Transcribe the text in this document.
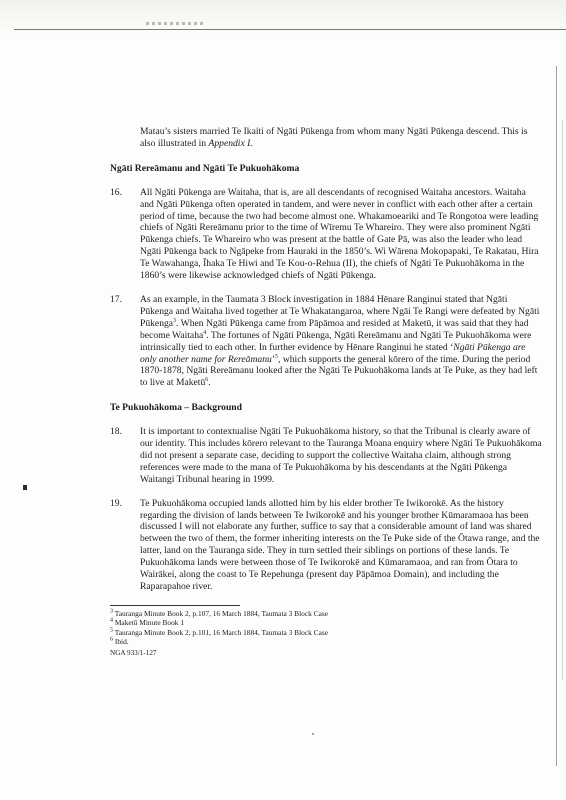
Matau’s sisters married Te Ikaiti of Ngāti Pūkenga from whom many Ngāti Pūkenga descend. This is also illustrated in Appendix I.

Ngāti Rereāmanu and Ngāti Te Pukuohākoma
16. All Ngāti Pūkenga are Waitaha, that is, are all descendants of recognised Waitaha ancestors. Waitaha and Ngāti Pūkenga often operated in tandem, and were never in conflict with each other after a certain period of time, because the two had become almost one. Whakamoeariki and Te Rongotoa were leading chiefs of Ngāti Rereāmanu prior to the time of Wīremu Te Whareiro. They were also prominent Ngāti Pūkenga chiefs. Te Whareiro who was present at the battle of Gate Pā, was also the leader who lead Ngāti Pūkenga back to Ngāpeke from Hauraki in the 1850’s. Wi Wārena Mokopapaki, Te Rakatau, Hira Te Wawahanga, Īhaka Te Hiwi and Te Kou-o-Rehua (II), the chiefs of Ngāti Te Pukuohākoma in the 1860’s were likewise acknowledged chiefs of Ngāti Pūkenga.
17. As an example, in the Taumata 3 Block investigation in 1884 Hēnare Ranginui stated that Ngāti Pūkenga and Waitaha lived together at Te Whakatangaroa, where Ngāi Te Rangi were defeated by Ngāti Pūkenga$^3$. When Ngāti Pūkenga came from Pāpāmoa and resided at Maketū, it was said that they had become Waitaha$^4$. The fortunes of Ngāti Pūkenga, Ngāti Rereāmanu and Ngāti Te Pukuohākoma were intrinsically tied to each other. In further evidence by Hēnare Ranginui he stated ‘Ngāti Pūkenga are only another name for Rereāmanu’$^5$, which supports the general kōrero of the time. During the period 1870-1878, Ngāti Rereāmanu looked after the Ngāti Te Pukuohākoma lands at Te Puke, as they had left to live at Maketū$^6$.
Te Pukuohākoma – Background
18. It is important to contextualise Ngāti Te Pukuohākoma history, so that the Tribunal is clearly aware of our identity. This includes kōrero relevant to the Tauranga Moana enquiry where Ngāti Te Pukuohākoma did not present a separate case, deciding to support the collective Waitaha claim, although strong references were made to the mana of Te Pukuohākoma by his descendants at the Ngāti Pūkenga Waitangi Tribunal hearing in 1999.
19. Te Pukuohākoma occupied lands allotted him by his elder brother Te Iwikorokē. As the history regarding the division of lands between Te Iwikorokē and his younger brother Kūmaramaoa has been discussed I will not elaborate any further, suffice to say that a considerable amount of land was shared between the two of them, the former inheriting interests on the Te Puke side of the Ōtawa range, and the latter, land on the Tauranga side. They in turn settled their siblings on portions of these lands. Te Pukuohākoma lands were between those of Te Iwikorokē and Kūmaramaoa, and ran from Ōtara to Wairākei, along the coast to Te Repehunga (present day Pāpāmoa Domain), and including the Raparapahoe river.
$^3$ Tauranga Minute Book 2, p.107, 16 March 1884, Taumata 3 Block Case
$^4$ Maketū Minute Book 1
$^5$ Tauranga Minute Book 2, p.101, 16 March 1884, Taumata 3 Block Case
$^6$ Ibid.
NGA 933/1-127
